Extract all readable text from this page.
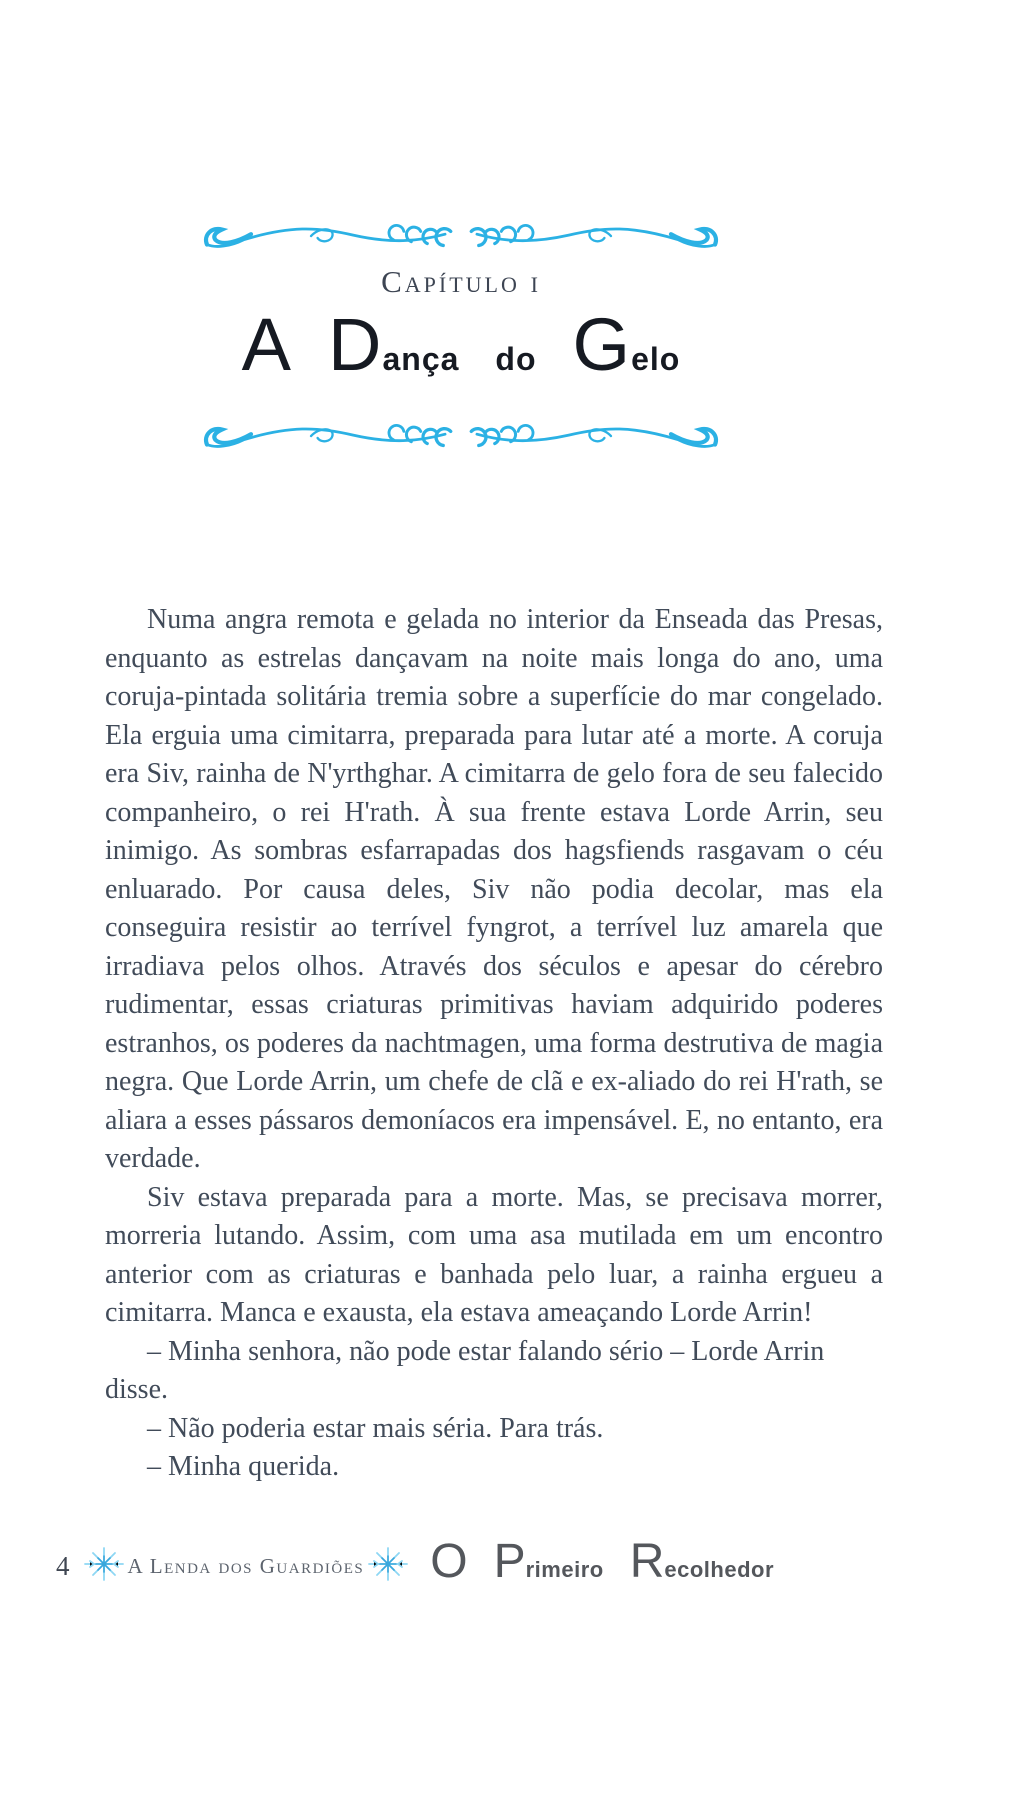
Capítulo i
A D ança do G elo

Numa angra remota e gelada no interior da Enseada das Presas, enquanto as estrelas dançavam na noite mais longa do ano, uma coruja-pintada solitária tremia sobre a superfície do mar congelado. Ela erguia uma cimitarra, preparada para lutar até a morte. A coruja era Siv, rainha de N'yrthghar. A cimitarra de gelo fora de seu falecido companheiro, o rei H'rath. À sua frente estava Lorde Arrin, seu inimigo. As sombras esfarrapadas dos hagsfiends rasgavam o céu enluarado. Por causa deles, Siv não podia decolar, mas ela conseguira resistir ao terrível fyngrot, a terrível luz amarela que irradiava pelos olhos. Através dos séculos e apesar do cérebro rudimentar, essas criaturas primitivas haviam adquirido poderes estranhos, os poderes da nachtmagen, uma forma destrutiva de magia negra. Que Lorde Arrin, um chefe de clã e ex-aliado do rei H'rath, se aliara a esses pássaros demoníacos era impensável. E, no entanto, era verdade.

Siv estava preparada para a morte. Mas, se precisava morrer, morreria lutando. Assim, com uma asa mutilada em um encontro anterior com as criaturas e banhada pelo luar, a rainha ergueu a cimitarra. Manca e exausta, ela estava ameaçando Lorde Arrin!

– Minha senhora, não pode estar falando sério – Lorde Arrin disse.

– Não poderia estar mais séria. Para trás.

– Minha querida.

4	A Lenda dos Guardiões O P rimeiro R ecolhedor
